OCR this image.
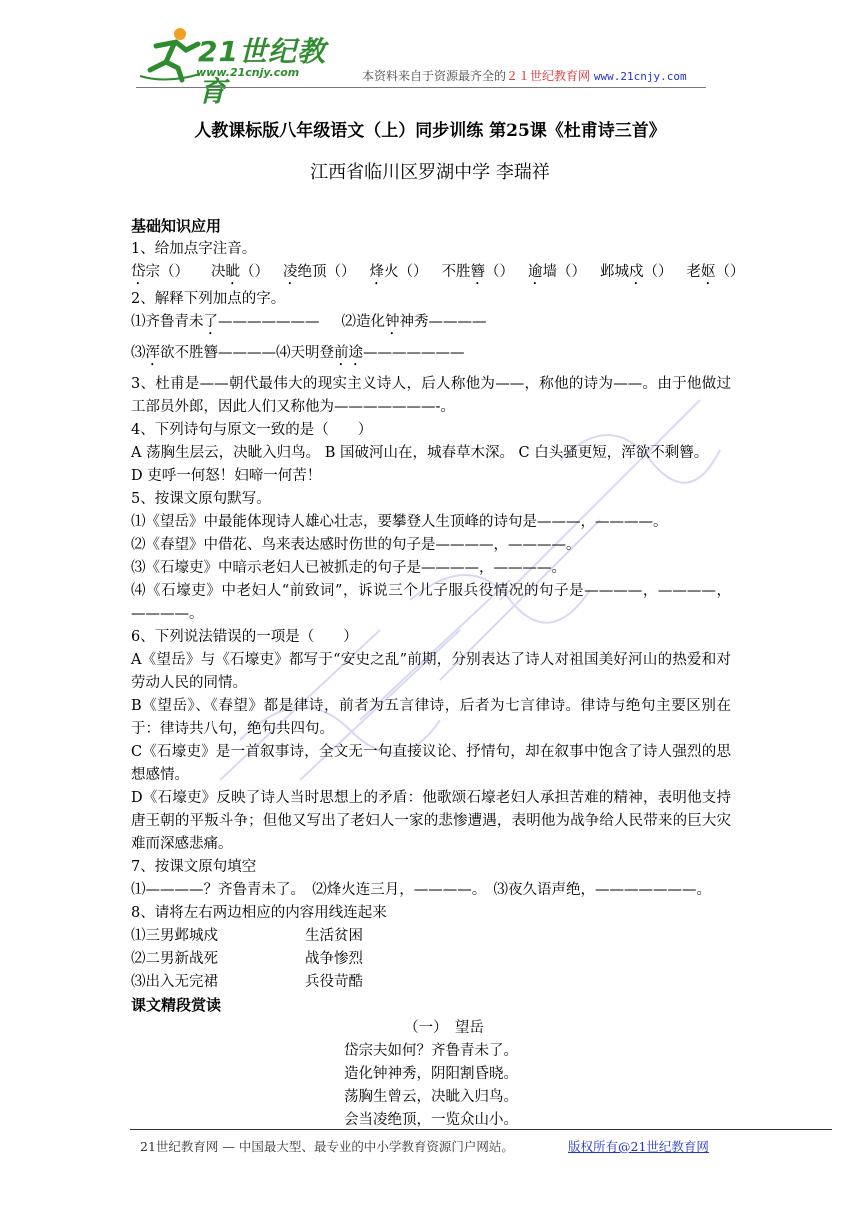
21世纪教育
www.21cnjy.com	本资料来自于资源最齐全的２１世纪教育网 www.21cnjy.com
人教课标版八年级语文（上）同步训练 第25课《杜甫诗三首》
江西省临川区罗湖中学 李瑞祥
基础知识应用
1、给加点字注音。
岱宗（） 决眦（） 凌绝顶（） 烽火（） 不胜簪（） 逾墙（） 邺城戍（） 老妪（）
2、解释下列加点的字。
⑴齐鲁青未了——————— ⑵造化钟神秀————
⑶浑欲不胜簪————⑷天明登前途———————
3、杜甫是——朝代最伟大的现实主义诗人，后人称他为——，称他的诗为——。由于他做过工部员外郎，因此人们又称他为———————-。
4、下列诗句与原文一致的是（　　）
A 荡胸生层云，决眦入归鸟。 B 国破河山在，城春草木深。 C 白头骚更短，浑欲不剩簪。
D 吏呼一何怒！妇啼一何苦！
5、按课文原句默写。
⑴《望岳》中最能体现诗人雄心壮志，要攀登人生顶峰的诗句是———，————。
⑵《春望》中借花、鸟来表达感时伤世的句子是————，————。
⑶《石壕吏》中暗示老妇人已被抓走的句子是————，————。
⑷《石壕吏》中老妇人“前致词”，诉说三个儿子服兵役情况的句子是————，————，————。
6、下列说法错误的一项是（　　）
A《望岳》与《石壕吏》都写于“安史之乱”前期，分别表达了诗人对祖国美好河山的热爱和对劳动人民的同情。
B《望岳》、《春望》都是律诗，前者为五言律诗，后者为七言律诗。律诗与绝句主要区别在于：律诗共八句，绝句共四句。
C《石壕吏》是一首叙事诗，全文无一句直接议论、抒情句，却在叙事中饱含了诗人强烈的思想感情。
D《石壕吏》反映了诗人当时思想上的矛盾：他歌颂石壕老妇人承担苦难的精神，表明他支持唐王朝的平叛斗争；但他又写出了老妇人一家的悲惨遭遇，表明他为战争给人民带来的巨大灾难而深感悲痛。
7、按课文原句填空
⑴————？齐鲁青未了。　⑵烽火连三月，————。　⑶夜久语声绝，———————。
8、请将左右两边相应的内容用线连起来
⑴三男邺城戍	生活贫困
⑵二男新战死	战争惨烈
⑶出入无完裙	兵役苛酷
课文精段赏读
（一）　望岳
岱宗夫如何？齐鲁青未了。
造化钟神秀，阴阳割昏晓。
荡胸生曾云，决眦入归鸟。
会当凌绝顶，一览众山小。
21世纪教育网 — 中国最大型、最专业的中小学教育资源门户网站。	版权所有@21世纪教育网
